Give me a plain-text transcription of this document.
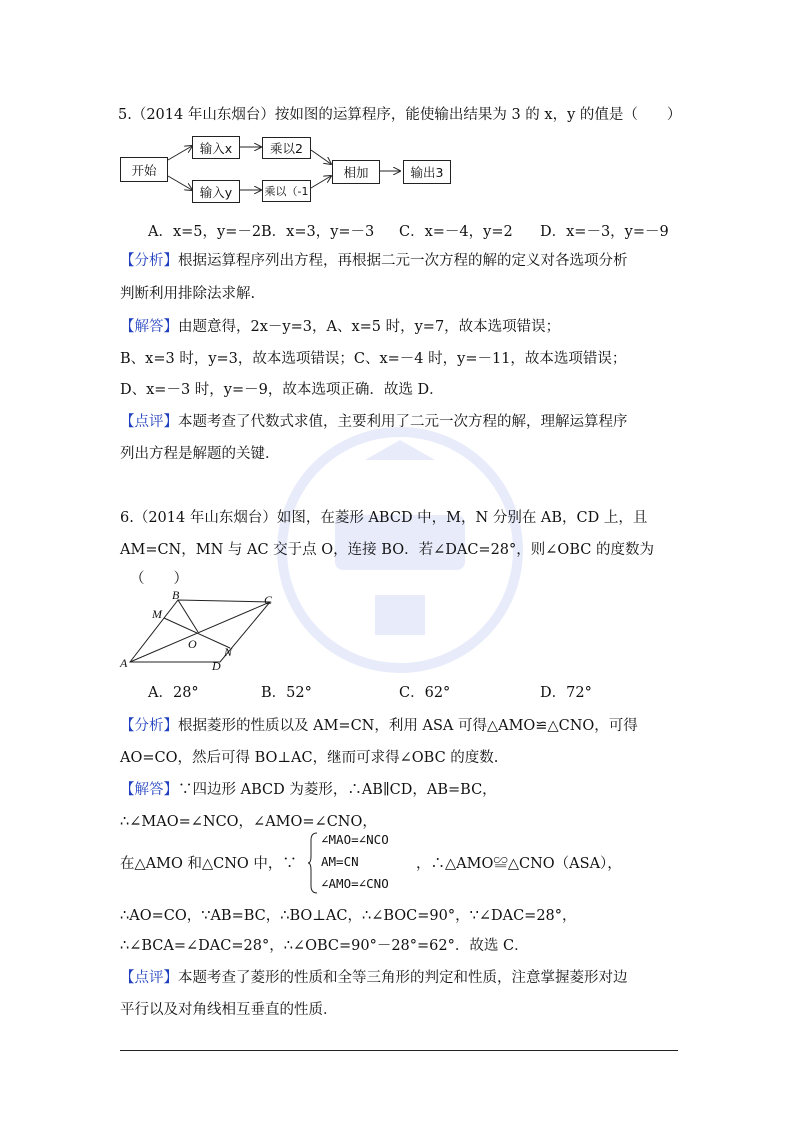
5.（2014 年山东烟台）按如图的运算程序，能使输出结果为 3 的 x，y 的值是（　　）
开始
输入x	乘以2
输入y	乘以（-1
相加	输出3
A．x=5，y=－2 B．x=3，y=－3 C．x=－4，y=2 D．x=－3，y=－9
【分析】根据运算程序列出方程，再根据二元一次方程的解的定义对各选项分析
判断利用排除法求解.
【解答】由题意得，2x－y=3，A、x=5 时，y=7，故本选项错误；
B、x=3 时，y=3，故本选项错误；C、x=－4 时，y=－11，故本选项错误；
D、x=－3 时，y=－9，故本选项正确．故选 D．
【点评】本题考查了代数式求值，主要利用了二元一次方程的解，理解运算程序
列出方程是解题的关键．
6.（2014 年山东烟台）如图，在菱形 ABCD 中，M，N 分别在 AB，CD 上，且
AM=CN，MN 与 AC 交于点 O，连接 BO．若∠DAC=28°，则∠OBC 的度数为
（　　）
A
B	C
D
M
N
O
A．28°	B．52°	C．62°	D．72°
【分析】根据菱形的性质以及 AM=CN，利用 ASA 可得△AMO≌△CNO，可得
AO=CO，然后可得 BO⊥AC，继而可求得∠OBC 的度数.
【解答】∵四边形 ABCD 为菱形，∴AB∥CD，AB=BC，
∴∠MAO=∠NCO，∠AMO=∠CNO，
在△AMO 和△CNO 中，∵
∠MAO=∠NCO
AM=CN
∠AMO=∠CNO
，∴△AMO≌△CNO（ASA），
∴AO=CO，∵AB=BC，∴BO⊥AC，∴∠BOC=90°，∵∠DAC=28°，
∴∠BCA=∠DAC=28°，∴∠OBC=90°－28°=62°．故选 C．
【点评】本题考查了菱形的性质和全等三角形的判定和性质，注意掌握菱形对边
平行以及对角线相互垂直的性质．
